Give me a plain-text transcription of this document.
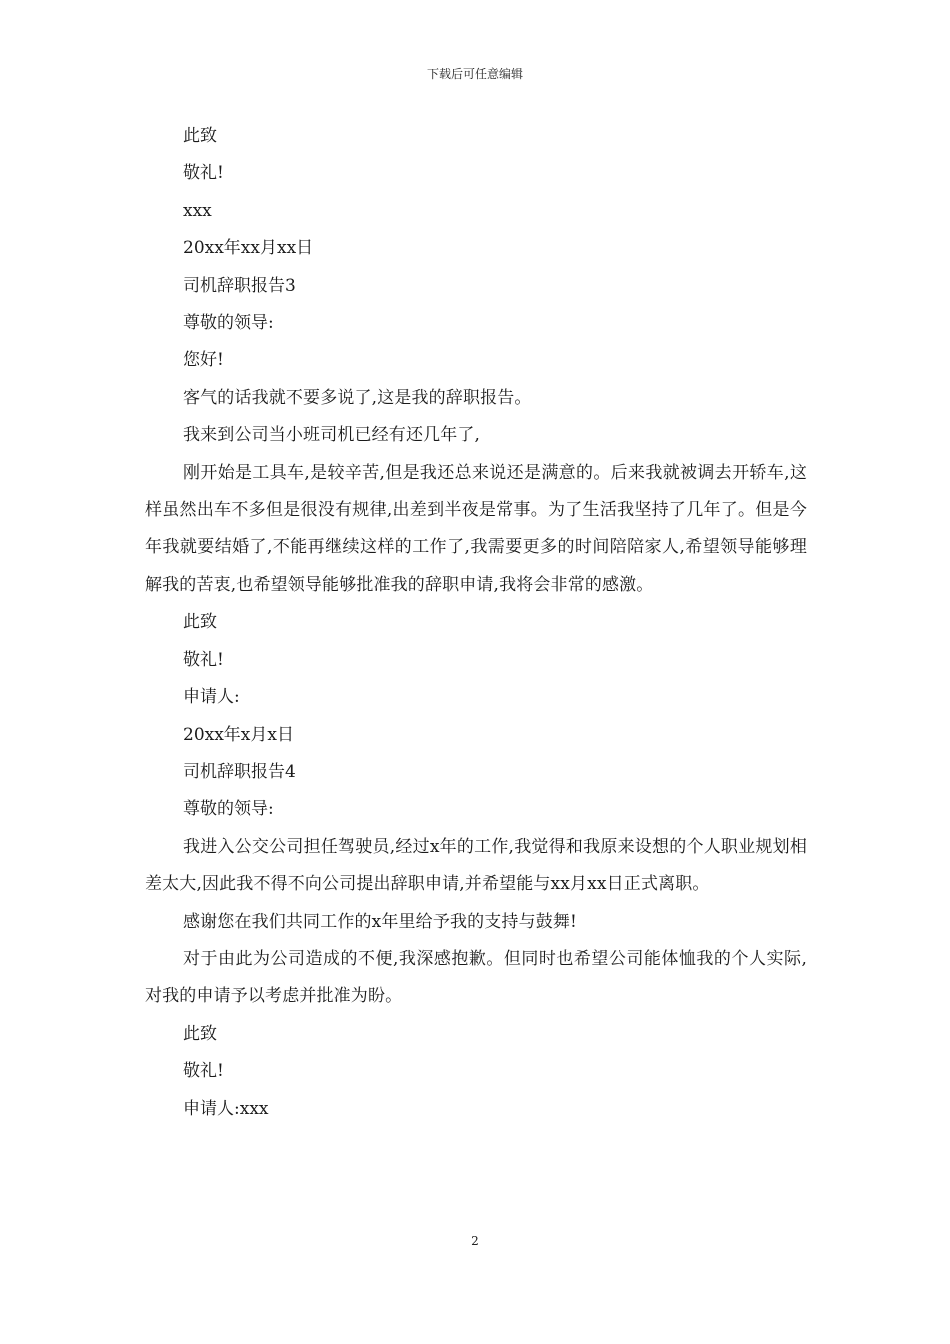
下载后可任意编辑
此致
敬礼!
xxx
20xx年xx月xx日
司机辞职报告3
尊敬的领导:
您好!
客气的话我就不要多说了,这是我的辞职报告。
我来到公司当小班司机已经有还几年了,
刚开始是工具车,是较辛苦,但是我还总来说还是满意的。后来我就被调去开轿车,这样虽然出车不多但是很没有规律,出差到半夜是常事。为了生活我坚持了几年了。但是今年我就要结婚了,不能再继续这样的工作了,我需要更多的时间陪陪家人,希望领导能够理解我的苦衷,也希望领导能够批准我的辞职申请,我将会非常的感激。
此致
敬礼!
申请人:
20xx年x月x日
司机辞职报告4
尊敬的领导:
我进入公交公司担任驾驶员,经过x年的工作,我觉得和我原来设想的个人职业规划相差太大,因此我不得不向公司提出辞职申请,并希望能与xx月xx日正式离职。
感谢您在我们共同工作的x年里给予我的支持与鼓舞!
对于由此为公司造成的不便,我深感抱歉。但同时也希望公司能体恤我的个人实际,对我的申请予以考虑并批准为盼。
此致
敬礼!
申请人:xxx
2
